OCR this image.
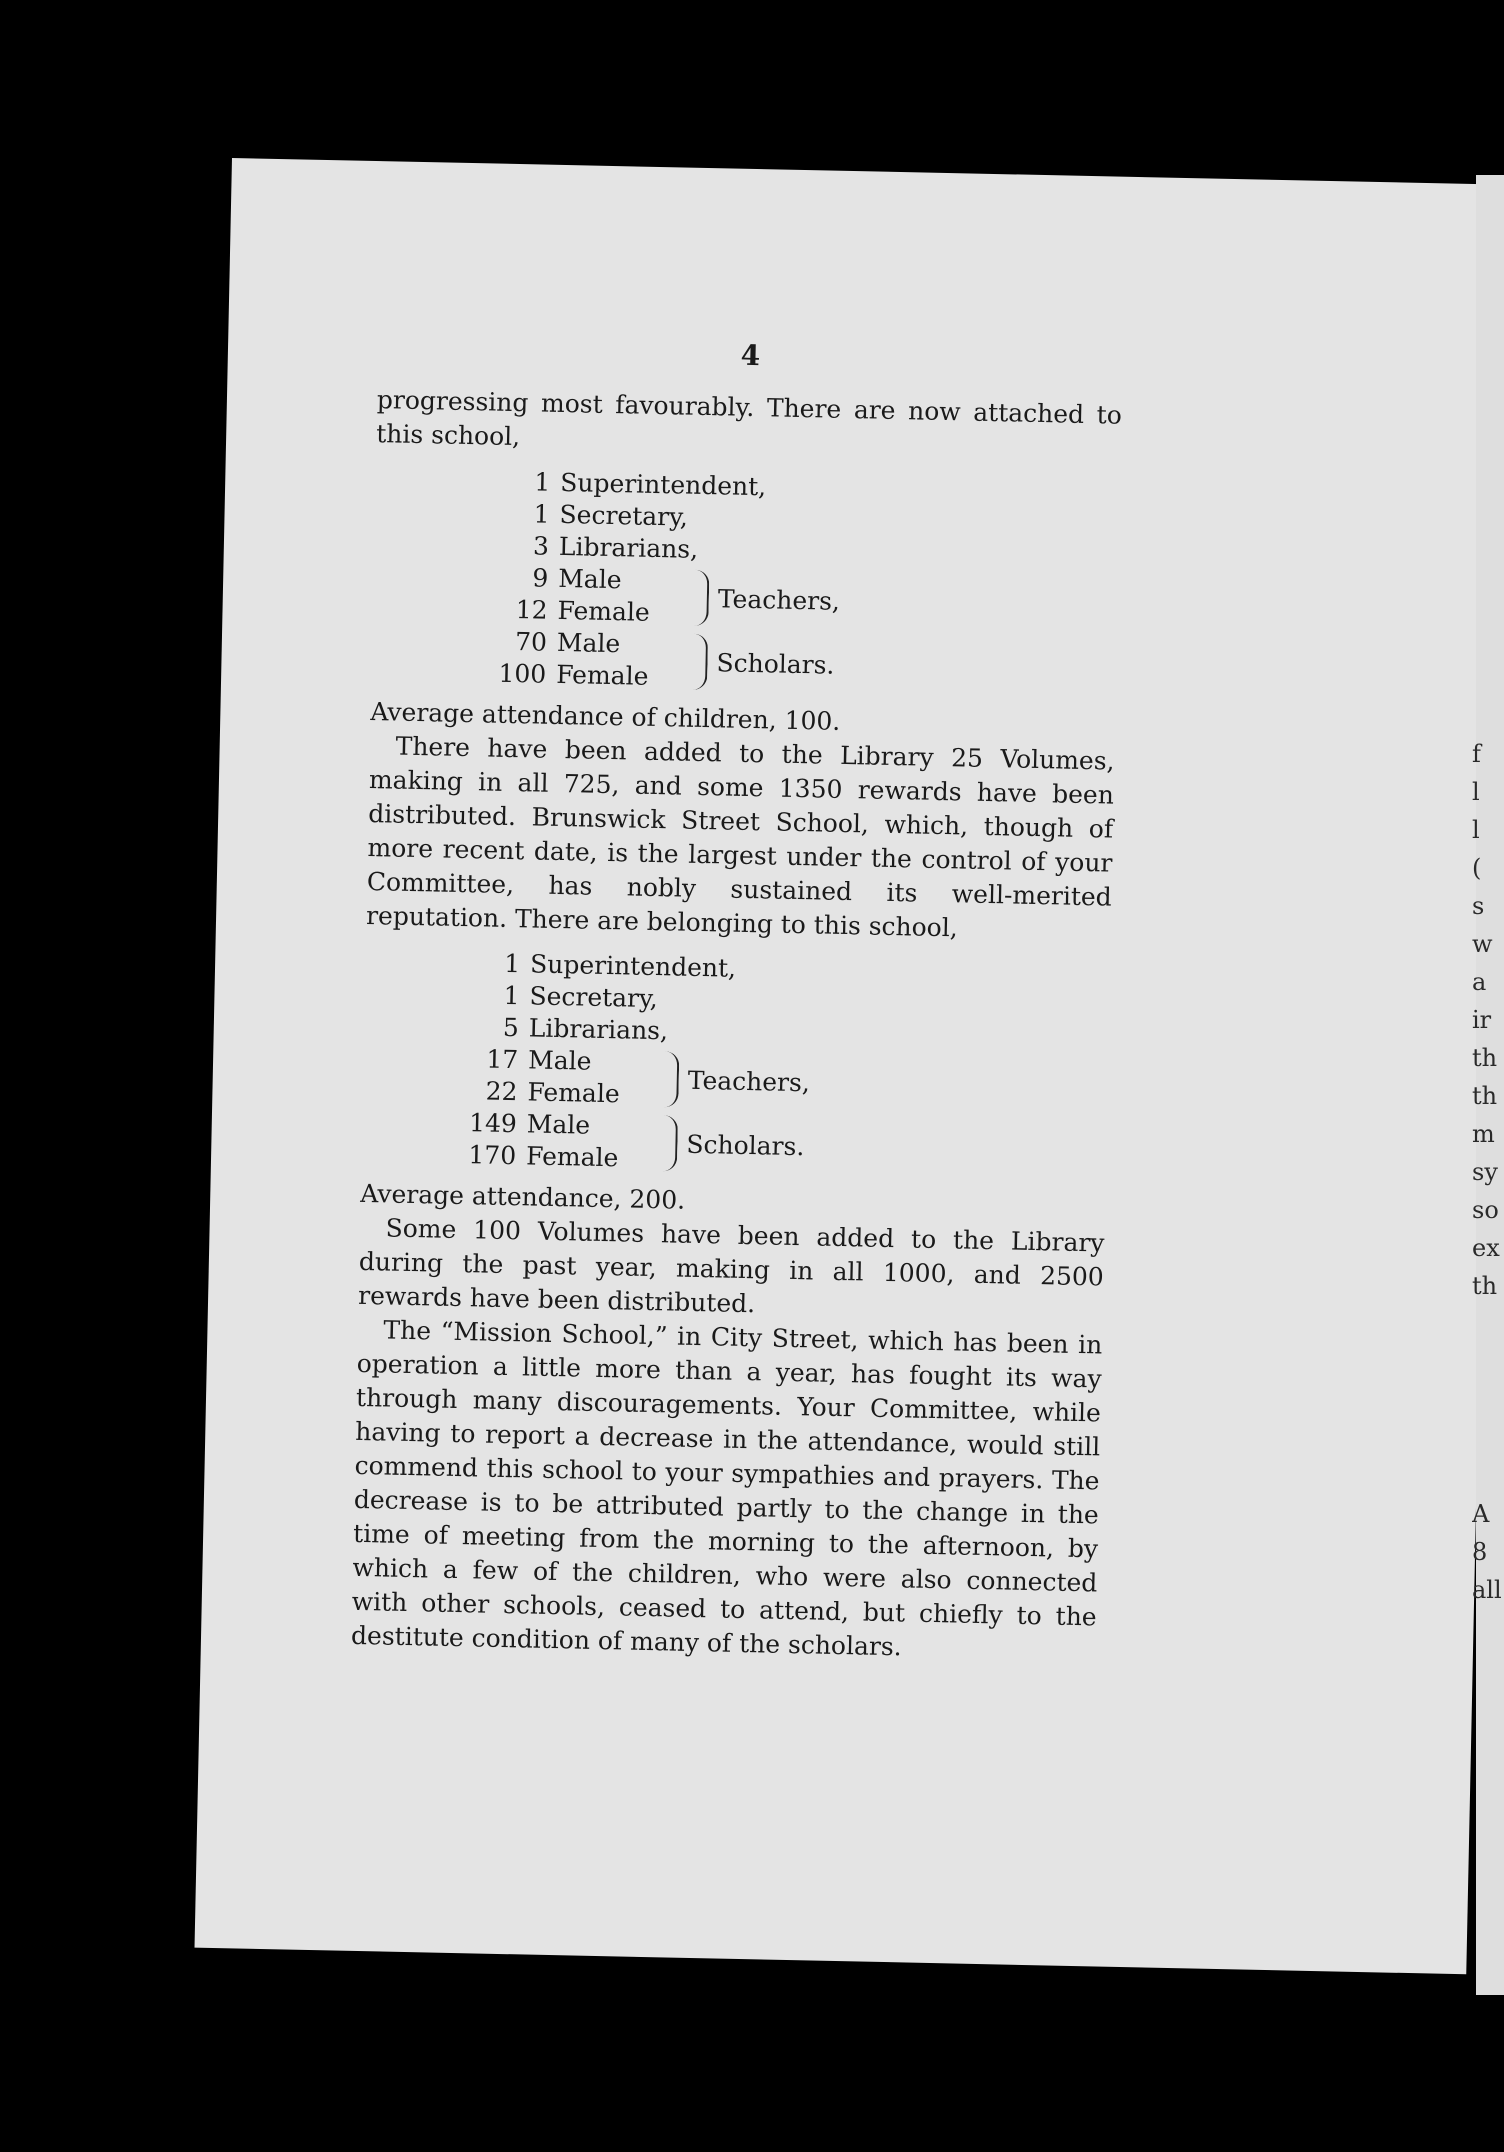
4

progressing most favourably. There are now attached to this school,

1 Superintendent,
1 Secretary,
3 Librarians,
9 Male
12 Female	Teachers,
70 Male
100 Female	Scholars.

Average attendance of children, 100.

There have been added to the Library 25 Volumes, making in all 725, and some 1350 rewards have been distributed. Brunswick Street School, which, though of more recent date, is the largest under the control of your Committee, has nobly sustained its well-merited reputation. There are belonging to this school,

1 Superintendent,
1 Secretary,
5 Librarians,
17 Male
22 Female	Teachers,
149 Male
170 Female	Scholars.

Average attendance, 200.

Some 100 Volumes have been added to the Library during the past year, making in all 1000, and 2500 rewards have been distributed.

The “Mission School,” in City Street, which has been in operation a little more than a year, has fought its way through many discouragements. Your Committee, while having to report a decrease in the attendance, would still commend this school to your sympathies and prayers. The decrease is to be attributed partly to the change in the time of meeting from the morning to the afternoon, by which a few of the children, who were also connected with other schools, ceased to attend, but chiefly to the destitute condition of many of the scholars.

f
l
l
(
s
w
a
ir
th
th
m
sy
so
ex
th
A
8
all
